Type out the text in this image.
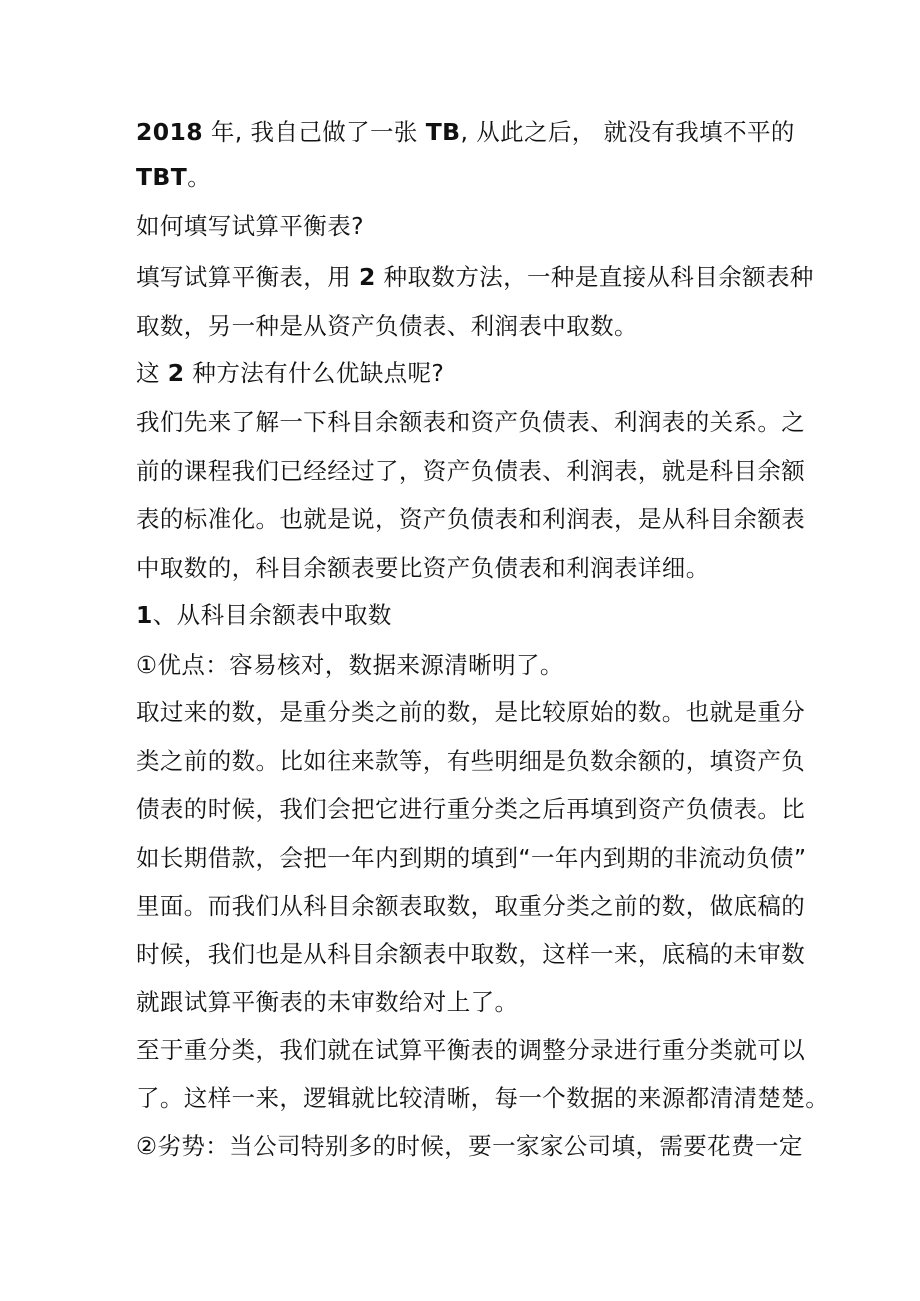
2018 年, 我自己做了一张 TB, 从此之后， 就没有我填不平的
TBT。
如何填写试算平衡表?
填写试算平衡表，用 2 种取数方法，一种是直接从科目余额表种
取数，另一种是从资产负债表、利润表中取数。
这 2 种方法有什么优缺点呢?
我们先来了解一下科目余额表和资产负债表、利润表的关系。之
前的课程我们已经经过了，资产负债表、利润表，就是科目余额
表的标准化。也就是说，资产负债表和利润表，是从科目余额表
中取数的，科目余额表要比资产负债表和利润表详细。
1、从科目余额表中取数
①优点：容易核对，数据来源清晰明了。
取过来的数，是重分类之前的数，是比较原始的数。也就是重分
类之前的数。比如往来款等，有些明细是负数余额的，填资产负
债表的时候，我们会把它进行重分类之后再填到资产负债表。比
如长期借款，会把一年内到期的填到“一年内到期的非流动负债”
里面。而我们从科目余额表取数，取重分类之前的数，做底稿的
时候，我们也是从科目余额表中取数，这样一来，底稿的未审数
就跟试算平衡表的未审数给对上了。
至于重分类，我们就在试算平衡表的调整分录进行重分类就可以
了。这样一来，逻辑就比较清晰，每一个数据的来源都清清楚楚。
②劣势：当公司特别多的时候，要一家家公司填，需要花费一定
